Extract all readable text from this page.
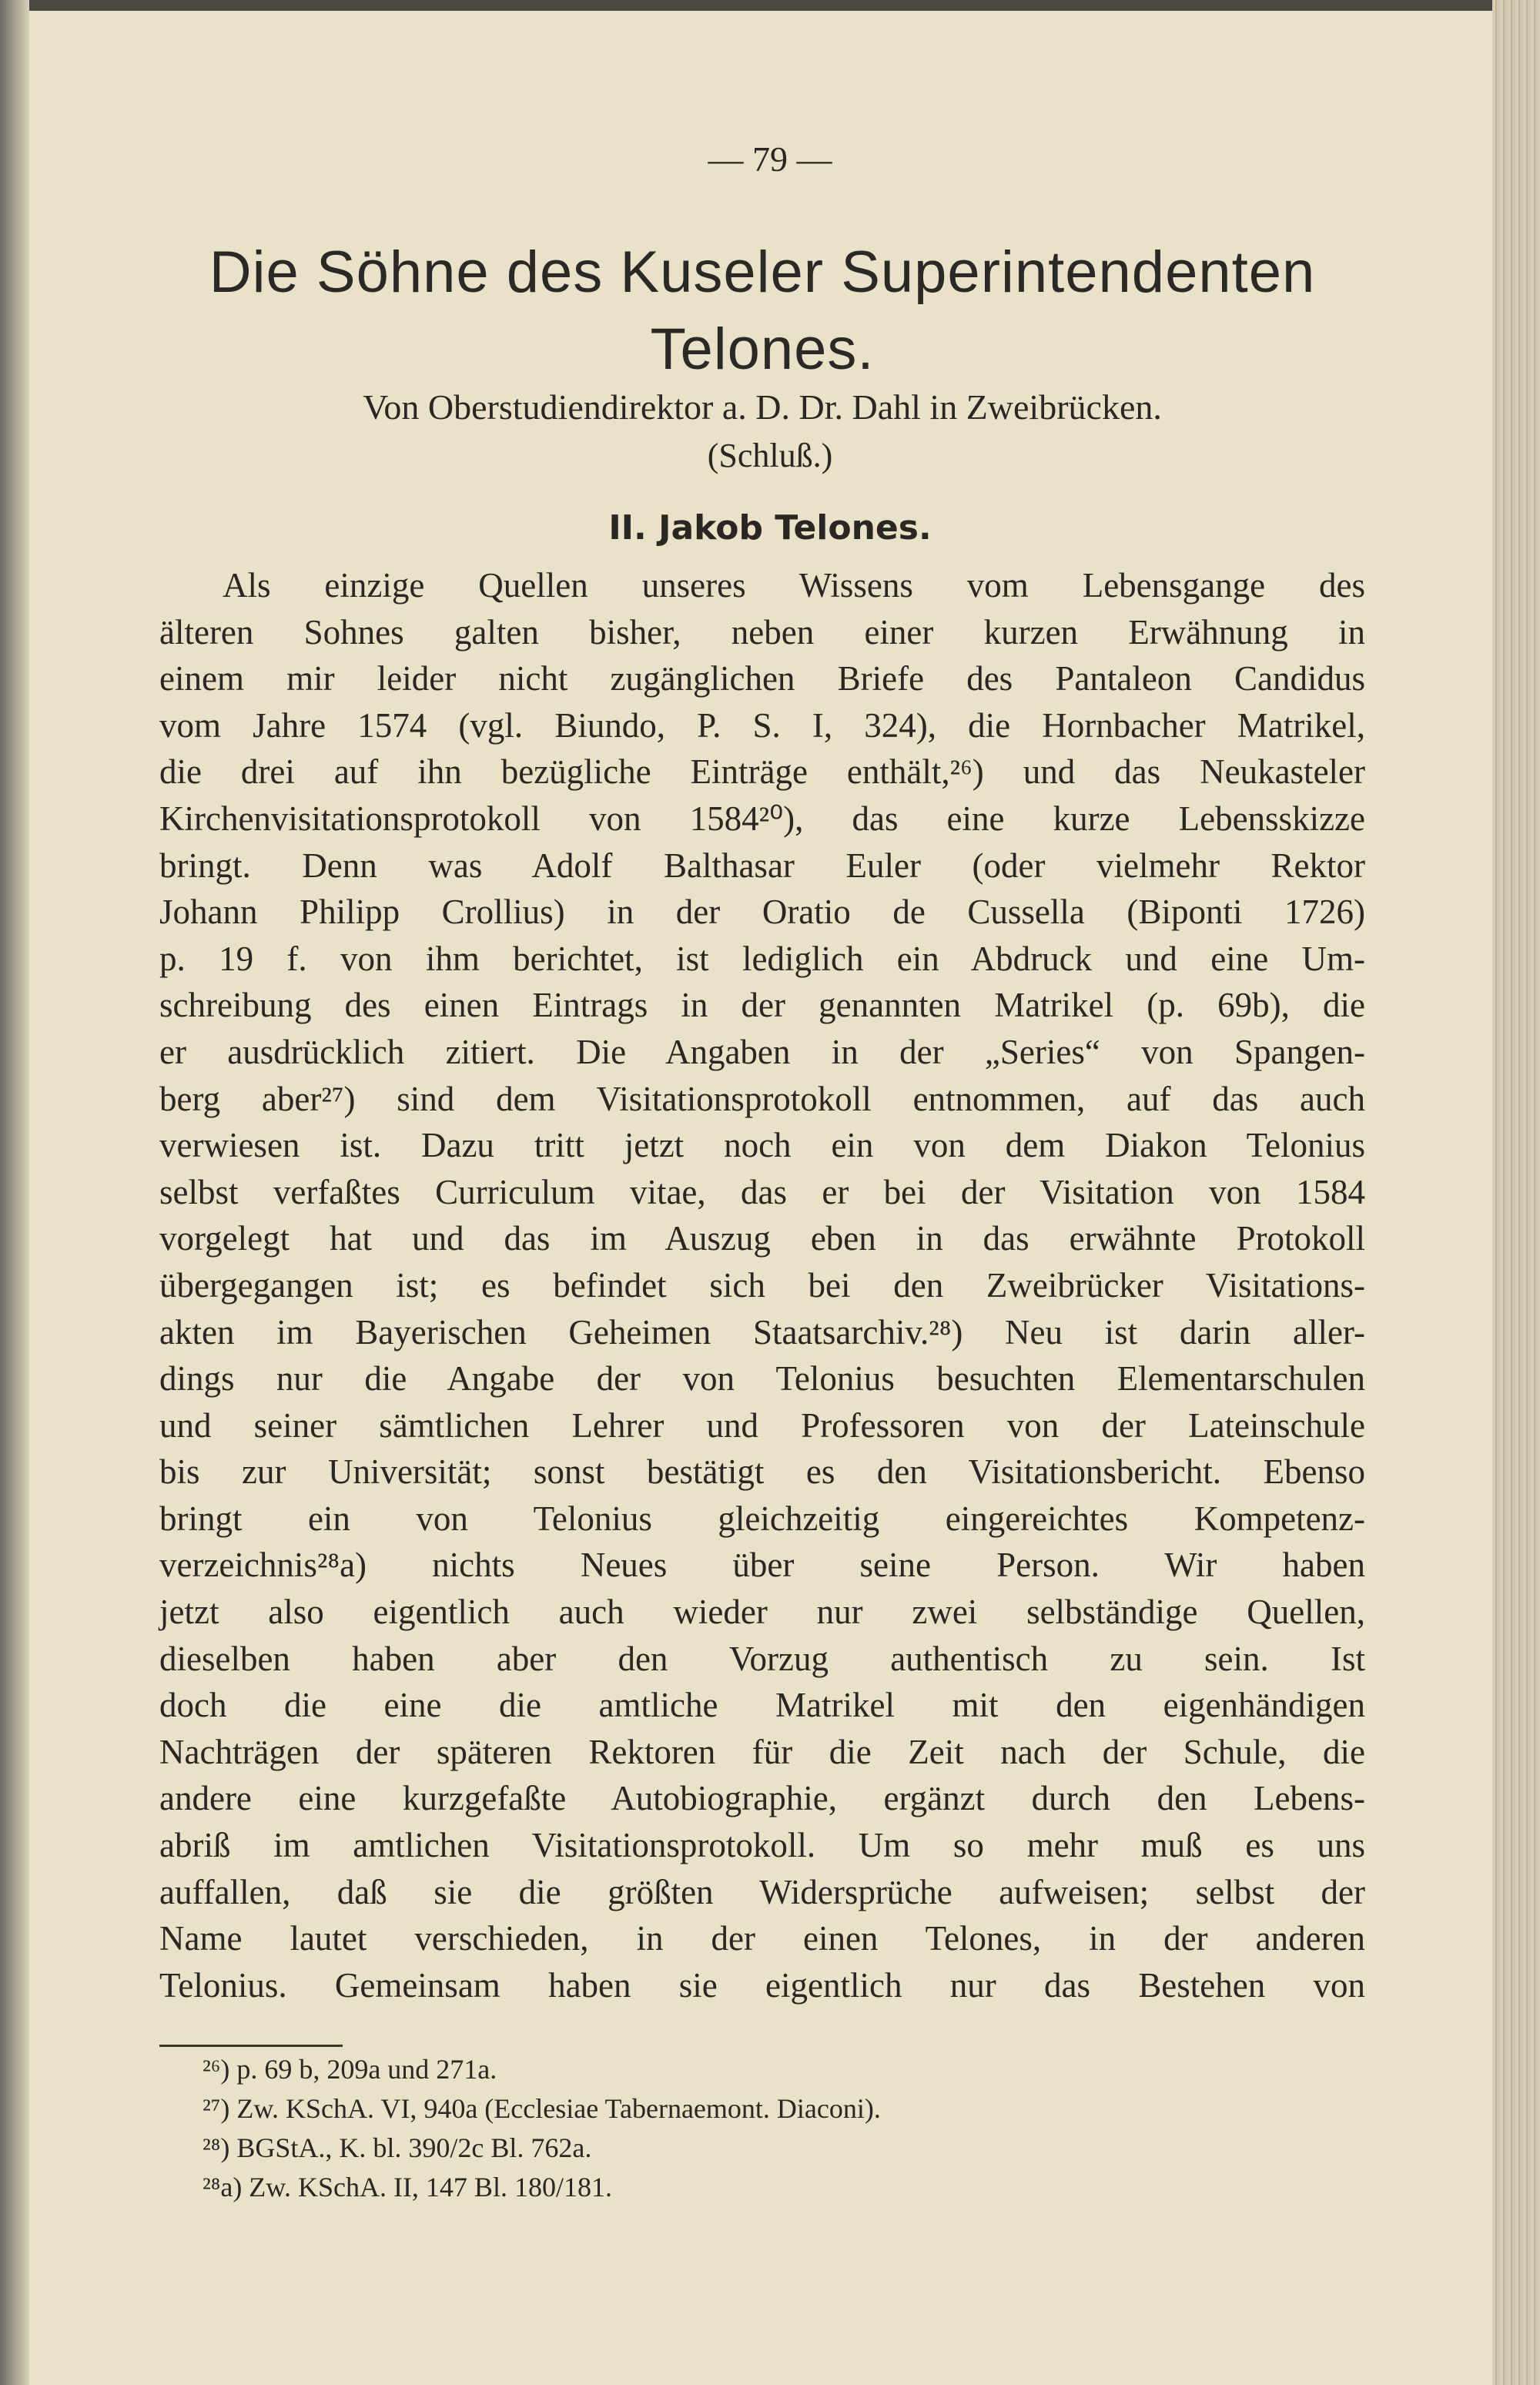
— 79 —
Die Söhne des Kuseler Superintendenten
Telones.
Von Oberstudiendirektor a. D. Dr. Dahl in Zweibrücken.
(Schluß.)
II. Jakob Telones.
Als einzige Quellen unseres Wissens vom Lebensgange des
älteren Sohnes galten bisher, neben einer kurzen Erwähnung in
einem mir leider nicht zugänglichen Briefe des Pantaleon Candidus
vom Jahre 1574 (vgl. Biundo, P. S. I, 324), die Hornbacher Matrikel,
die drei auf ihn bezügliche Einträge enthält,²⁶) und das Neukasteler
Kirchenvisitationsprotokoll von 1584²⁰), das eine kurze Lebensskizze
bringt. Denn was Adolf Balthasar Euler (oder vielmehr Rektor
Johann Philipp Crollius) in der Oratio de Cussella (Biponti 1726)
p. 19 f. von ihm berichtet, ist lediglich ein Abdruck und eine Um-
schreibung des einen Eintrags in der genannten Matrikel (p. 69b), die
er ausdrücklich zitiert. Die Angaben in der „Series“ von Spangen-
berg aber²⁷) sind dem Visitationsprotokoll entnommen, auf das auch
verwiesen ist. Dazu tritt jetzt noch ein von dem Diakon Telonius
selbst verfaßtes Curriculum vitae, das er bei der Visitation von 1584
vorgelegt hat und das im Auszug eben in das erwähnte Protokoll
übergegangen ist; es befindet sich bei den Zweibrücker Visitations-
akten im Bayerischen Geheimen Staatsarchiv.²⁸) Neu ist darin aller-
dings nur die Angabe der von Telonius besuchten Elementarschulen
und seiner sämtlichen Lehrer und Professoren von der Lateinschule
bis zur Universität; sonst bestätigt es den Visitationsbericht. Ebenso
bringt ein von Telonius gleichzeitig eingereichtes Kompetenz-
verzeichnis²⁸a) nichts Neues über seine Person. Wir haben
jetzt also eigentlich auch wieder nur zwei selbständige Quellen,
dieselben haben aber den Vorzug authentisch zu sein. Ist
doch die eine die amtliche Matrikel mit den eigenhändigen
Nachträgen der späteren Rektoren für die Zeit nach der Schule, die
andere eine kurzgefaßte Autobiographie, ergänzt durch den Lebens-
abriß im amtlichen Visitationsprotokoll. Um so mehr muß es uns
auffallen, daß sie die größten Widersprüche aufweisen; selbst der
Name lautet verschieden, in der einen Telones, in der anderen
Telonius. Gemeinsam haben sie eigentlich nur das Bestehen von
²⁶) p. 69 b, 209a und 271a.
²⁷) Zw. KSchA. VI, 940a (Ecclesiae Tabernaemont. Diaconi).
²⁸) BGStA., K. bl. 390/2c Bl. 762a.
²⁸a) Zw. KSchA. II, 147 Bl. 180/181.
